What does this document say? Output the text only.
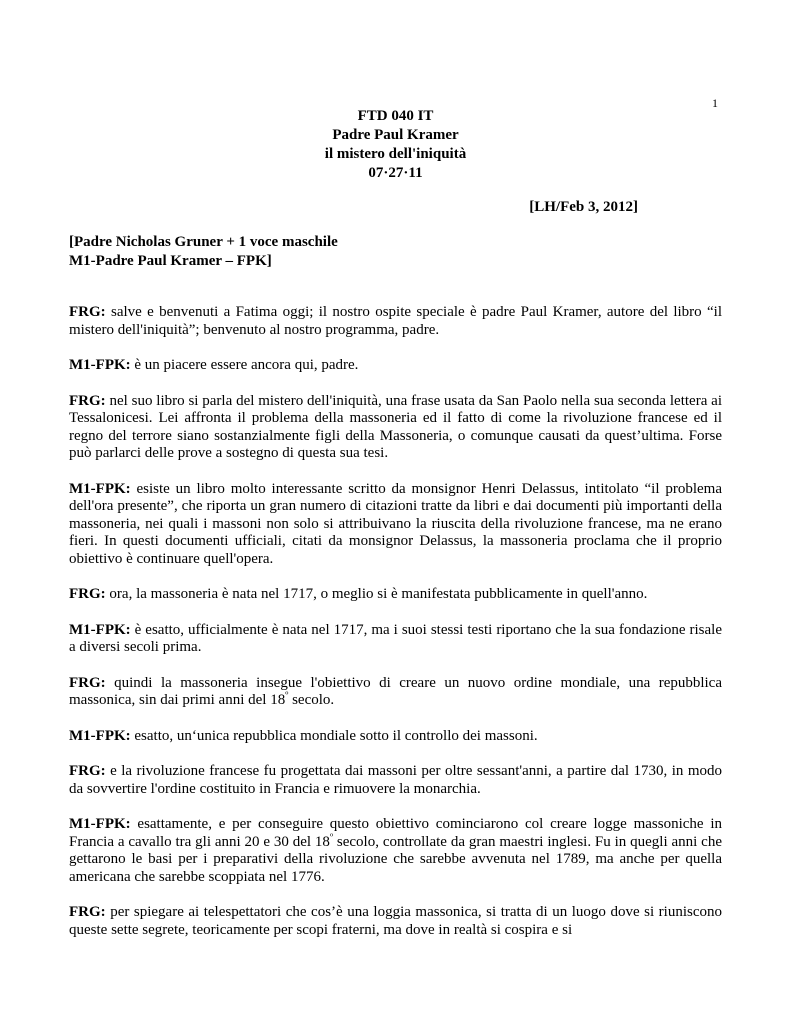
1
FTD 040 IT
Padre Paul Kramer
il mistero dell'iniquità
07·27·11
[LH/Feb 3, 2012]
[Padre Nicholas Gruner + 1 voce maschile
M1-Padre Paul Kramer – FPK]

FRG: salve e benvenuti a Fatima oggi; il nostro ospite speciale è padre Paul Kramer, autore del libro “il mistero dell'iniquità”; benvenuto al nostro programma, padre.

M1-FPK: è un piacere essere ancora qui, padre.

FRG: nel suo libro si parla del mistero dell'iniquità, una frase usata da San Paolo nella sua seconda lettera ai Tessalonicesi. Lei affronta il problema della massoneria ed il fatto di come la rivoluzione francese ed il regno del terrore siano sostanzialmente figli della Massoneria, o comunque causati da quest’ultima. Forse può parlarci delle prove a sostegno di questa sua tesi.

M1-FPK: esiste un libro molto interessante scritto da monsignor Henri Delassus, intitolato “il problema dell'ora presente”, che riporta un gran numero di citazioni tratte da libri e dai documenti più importanti della massoneria, nei quali i massoni non solo si attribuivano la riuscita della rivoluzione francese, ma ne erano fieri. In questi documenti ufficiali, citati da monsignor Delassus, la massoneria proclama che il proprio obiettivo è continuare quell'opera.

FRG: ora, la massoneria è nata nel 1717, o meglio si è manifestata pubblicamente in quell'anno.

M1-FPK: è esatto, ufficialmente è nata nel 1717, ma i suoi stessi testi riportano che la sua fondazione risale a diversi secoli prima.

FRG: quindi la massoneria insegue l'obiettivo di creare un nuovo ordine mondiale, una repubblica massonica, sin dai primi anni del $18^º$ secolo.

M1-FPK: esatto, un‘unica repubblica mondiale sotto il controllo dei massoni.

FRG: e la rivoluzione francese fu progettata dai massoni per oltre sessant'anni, a partire dal 1730, in modo da sovvertire l'ordine costituito in Francia e rimuovere la monarchia.

M1-FPK: esattamente, e per conseguire questo obiettivo cominciarono col creare logge massoniche in Francia a cavallo tra gli anni 20 e 30 del $18^º$ secolo, controllate da gran maestri inglesi. Fu in quegli anni che gettarono le basi per i preparativi della rivoluzione che sarebbe avvenuta nel 1789, ma anche per quella americana che sarebbe scoppiata nel 1776.

FRG: per spiegare ai telespettatori che cos’è una loggia massonica, si tratta di un luogo dove si riuniscono queste sette segrete, teoricamente per scopi fraterni, ma dove in realtà si cospira e si
